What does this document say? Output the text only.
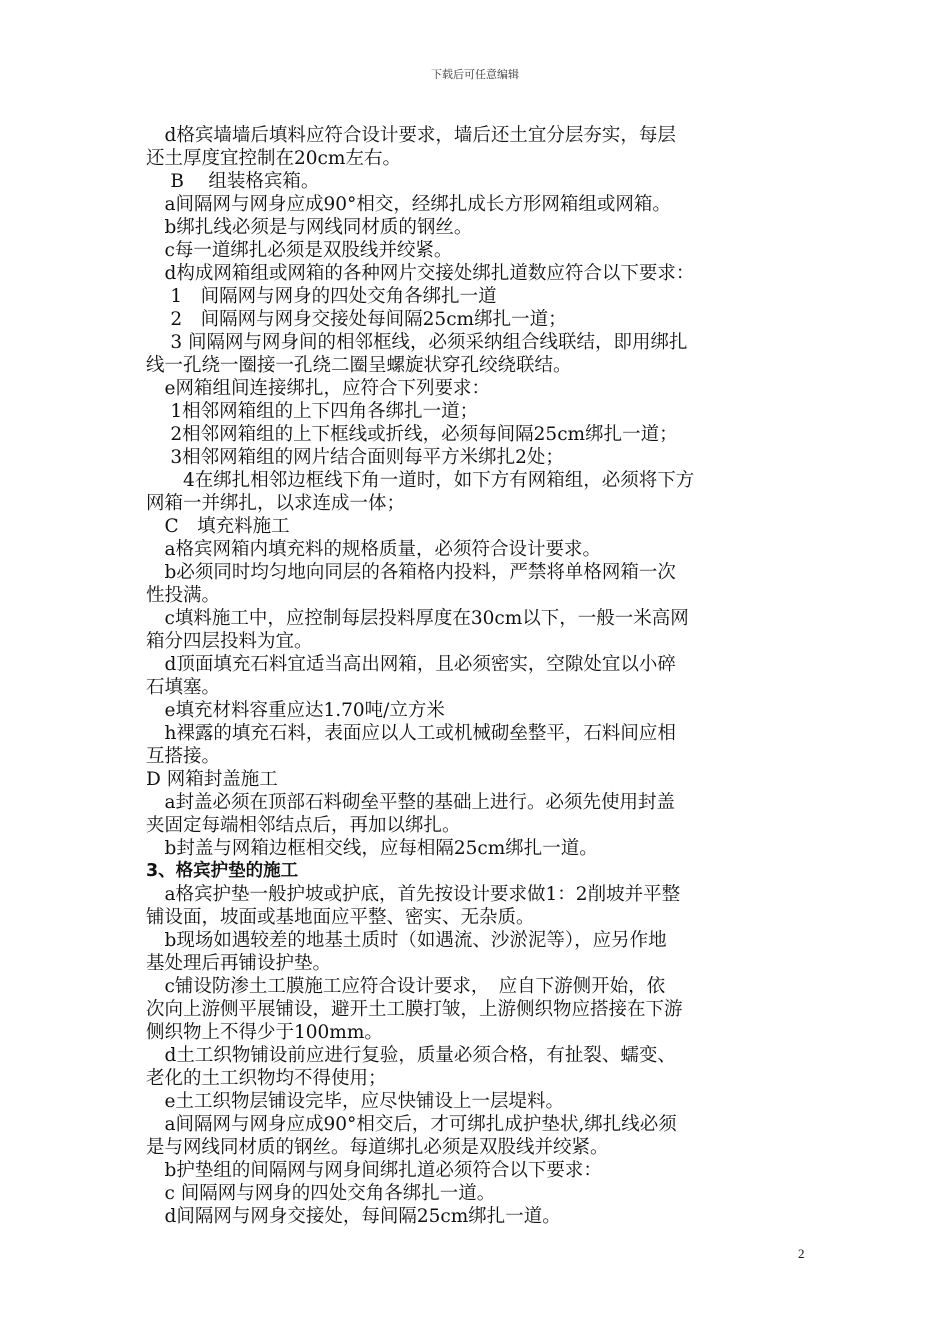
下载后可任意编辑

　d格宾墙墙后填料应符合设计要求，墙后还土宜分层夯实，每层

还土厚度宜控制在20cm左右。

　 B　 组装格宾箱。

　a间隔网与网身应成90°相交，经绑扎成长方形网箱组或网箱。

　b绑扎线必须是与网线同材质的钢丝。

　c每一道绑扎必须是双股线并绞紧。

　d构成网箱组或网箱的各种网片交接处绑扎道数应符合以下要求：

　 1　间隔网与网身的四处交角各绑扎一道

　 2　间隔网与网身交接处每间隔25cm绑扎一道；

　 3 间隔网与网身间的相邻框线，必须采纳组合线联结，即用绑扎

线一孔绕一圈接一孔绕二圈呈螺旋状穿孔绞绕联结。

　e网箱组间连接绑扎，应符合下列要求：

　 1相邻网箱组的上下四角各绑扎一道；

　 2相邻网箱组的上下框线或折线，必须每间隔25cm绑扎一道；

　 3相邻网箱组的网片结合面则每平方米绑扎2处；

　　4在绑扎相邻边框线下角一道时，如下方有网箱组，必须将下方

网箱一并绑扎，以求连成一体；

　C　填充料施工

　a格宾网箱内填充料的规格质量，必须符合设计要求。

　b必须同时均匀地向同层的各箱格内投料，严禁将单格网箱一次

性投满。

　c填料施工中，应控制每层投料厚度在30cm以下，一般一米高网

箱分四层投料为宜。

　d顶面填充石料宜适当高出网箱，且必须密实，空隙处宜以小碎

石填塞。

　e填充材料容重应达1.70吨/立方米

　h裸露的填充石料，表面应以人工或机械砌垒整平，石料间应相

互搭接。

D 网箱封盖施工

　a封盖必须在顶部石料砌垒平整的基础上进行。必须先使用封盖

夹固定每端相邻结点后，再加以绑扎。

　b封盖与网箱边框相交线，应每相隔25cm绑扎一道。

3、格宾护垫的施工

　a格宾护垫一般护坡或护底，首先按设计要求做1：2削坡并平整

铺设面，坡面或基地面应平整、密实、无杂质。

　b现场如遇较差的地基土质时（如遇流、沙淤泥等），应另作地

基处理后再铺设护垫。

　c铺设防渗土工膜施工应符合设计要求，　应自下游侧开始，依

次向上游侧平展铺设，避开土工膜打皱，上游侧织物应搭接在下游

侧织物上不得少于100mm。

　d土工织物铺设前应进行复验，质量必须合格，有扯裂、蠕变、

老化的土工织物均不得使用；

　e土工织物层铺设完毕，应尽快铺设上一层堤料。

　a间隔网与网身应成90°相交后，才可绑扎成护垫状,绑扎线必须

是与网线同材质的钢丝。每道绑扎必须是双股线并绞紧。

　b护垫组的间隔网与网身间绑扎道必须符合以下要求：

　c 间隔网与网身的四处交角各绑扎一道。

　d间隔网与网身交接处，每间隔25cm绑扎一道。

2
